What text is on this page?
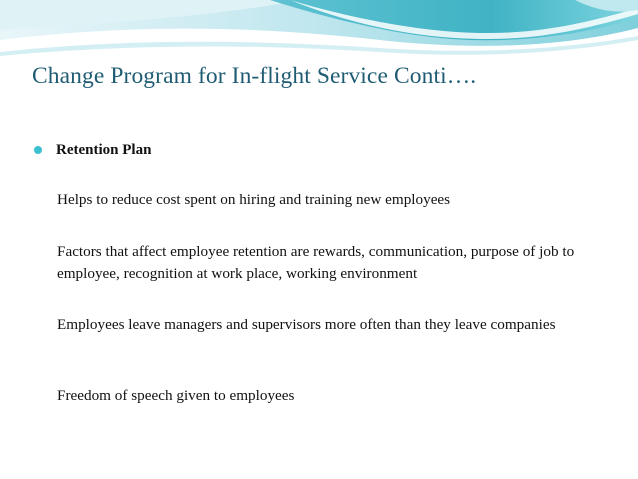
Change Program for In-flight Service Conti….
Retention Plan

Helps to reduce cost spent on hiring and training new employees

Factors that affect employee retention are rewards, communication, purpose of job to employee, recognition at work place, working environment

Employees leave managers and supervisors more often than they leave companies

Freedom of speech given to employees
